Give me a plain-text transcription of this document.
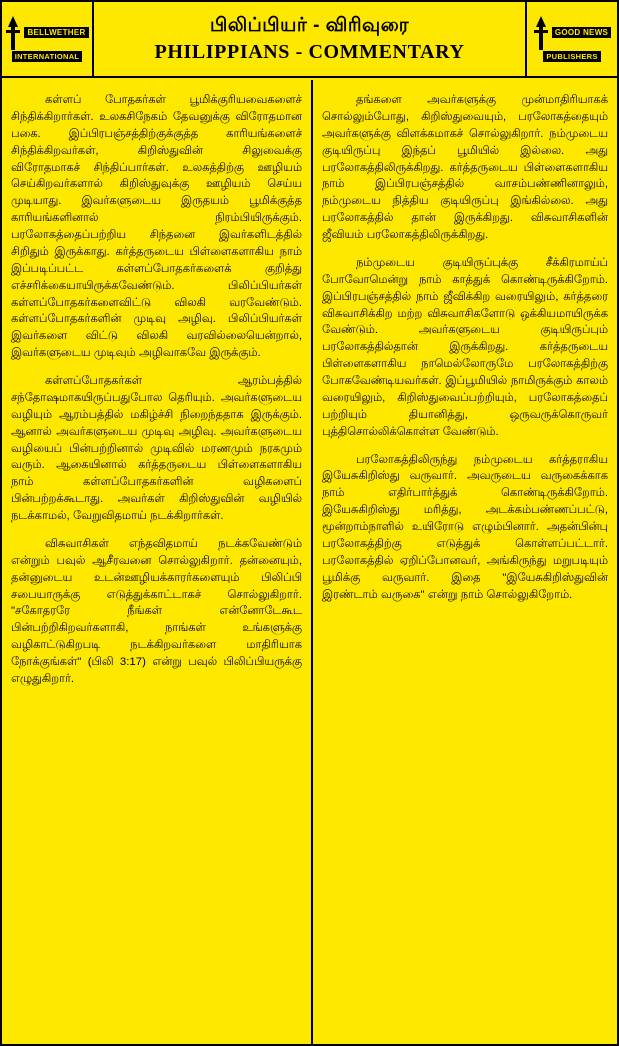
BELLWETHER
INTERNATIONAL
பிலிப்பியர் - விரிவுரை
PHILIPPIANS - COMMENTARY
GOOD NEWS
PUBLISHERS

கள்ளப் போதகர்கள் பூமிக்குரியவைகளைச் சிந்திக்கிறார்கள். உலகசிநேகம் தேவனுக்கு விரோதமான பகை. இப்பிரபஞ்சத்திற்குக்குத்த காரியங்களைச் சிந்திக்கிறவர்கள், கிறிஸ்துவின் சிலுவைக்கு விரோதமாகச் சிந்திப்பார்கள். உலகத்திற்கு ஊழியம் செய்கிறவர்களால் கிறிஸ்துவுக்கு ஊழியம் செய்ய முடியாது. இவர்களுடைய இருதயம் பூமிக்குத்த காரியங்களினால் நிரம்பியிருக்கும். பரலோகத்தைப்பற்றிய சிந்தனை இவர்களிடத்தில் சிறிதும் இருக்காது. கர்த்தருடைய பிள்ளைகளாகிய நாம் இப்படிப்பட்ட கள்ளப்போதகர்களைக் குறித்து எச்சரிக்கையாயிருக்கவேண்டும். பிலிப்பியர்கள் கள்ளப்போதகர்களைவிட்டு விலகி வரவேண்டும். கள்ளப்போதகர்களின் முடிவு அழிவு. பிலிப்பியர்கள் இவர்களை விட்டு விலகி வரவில்லையென்றால், இவர்களுடைய முடிவும் அழிவாகவே இருக்கும்.

கள்ளப்போதகர்கள் ஆரம்பத்தில் சந்தோஷமாகயிருப்பதுபோல தெரியும். அவர்களுடைய வழியும் ஆரம்பத்தில் மகிழ்ச்சி நிறைந்ததாக இருக்கும். ஆனால் அவர்களுடைய முடிவு அழிவு. அவர்களுடைய வழியைப் பின்பற்றினால் முடிவில் மரணமும் நரகமும் வரும். ஆகையினால் கர்த்தருடைய பிள்ளைகளாகிய நாம் கள்ளப்போதகர்களின் வழிகளைப் பின்பற்றக்கூடாது. அவர்கள் கிறிஸ்துவின் வழியில் நடக்காமல், வேறுவிதமாய் நடக்கிறார்கள்.

விசுவாசிகள் எந்தவிதமாய் நடக்கவேண்டும் என்றும் பவுல் ஆசீரவனை சொல்லுகிறார். தன்னையும், தன்னுடைய உடன்ஊழியக்காரர்களையும் பிலிப்பி சபையாருக்கு எடுத்துக்காட்டாகச் சொல்லுகிறார். "சகோதரரே நீங்கள் என்னோடேகூட பின்பற்றிகிறவர்களாகி, நாங்கள் உங்களுக்கு வழிகாட்டுகிறபடி நடக்கிறவர்களை மாதிரியாக நோக்குங்கள்" (பிலி 3:17) என்று பவுல் பிலிப்பியருக்கு எழுதுகிறார்.

தங்களை அவர்களுக்கு முன்மாதிரியாகக் சொல்லும்போது, கிறிஸ்துவையும், பரலோகத்தையும் அவர்களுக்கு விளக்கமாகச் சொல்லுகிறார். நம்முடைய குடியிருப்பு இந்தப் பூமியில் இல்லை. அது பரலோகத்திலிருக்கிறது. கர்த்தருடைய பிள்ளைகளாகிய நாம் இப்பிரபஞ்சத்தில் வாசம்பண்ணினாலும், நம்முடைய நித்திய குடியிருப்பு இங்கில்லை. அது பரலோகத்தில் தான் இருக்கிறது. விசுவாசிகளின் ஜீவியம் பரலோகத்திலிருக்கிறது.

நம்முடைய குடியிருப்புக்கு சீக்கிரமாய்ப் போவோமென்று நாம் காத்துக் கொண்டிருக்கிறோம். இப்பிரபஞ்சத்தில் நாம் ஜீவிக்கிற வரையிலும், கர்த்தரை விசுவாசிக்கிற மற்ற விசுவாசிகளோடு ஒக்கியமாயிருக்க வேண்டும். அவர்களுடைய குடியிருப்பும் பரலோகத்தில்தான் இருக்கிறது. கர்த்தருடைய பிள்ளைகளாகிய நாமெல்லோருமே பரலோகத்திற்கு போகவேண்டியவர்கள். இப்பூமியில் நாமிருக்கும் காலம் வரையிலும், கிறிஸ்துவைப்பற்றியும், பரலோகத்தைப் பற்றியும் தியானித்து, ஒருவருக்கொருவர் புத்திசொல்லிக்கொள்ள வேண்டும்.

பரலோகத்திலிருந்து நம்முடைய கர்த்தராகிய இயேசுகிறிஸ்து வருவார். அவருடைய வருகைக்காக நாம் எதிர்பார்த்துக் கொண்டிருக்கிறோம். இயேசுகிறிஸ்து மரித்து, அடக்கம்பண்ணப்பட்டு, மூன்றாம்நாளில் உயிரோடு எழும்பினார். அதன்பின்பு பரலோகத்திற்கு எடுத்துக் கொள்ளப்பட்டார். பரலோகத்தில் ஏறிப்போனவர், அங்கிருந்து மறுபடியும் பூமிக்கு வருவார். இதை "இயேசுகிறிஸ்துவின் இரண்டாம் வருகை" என்று நாம் சொல்லுகிறோம்.
